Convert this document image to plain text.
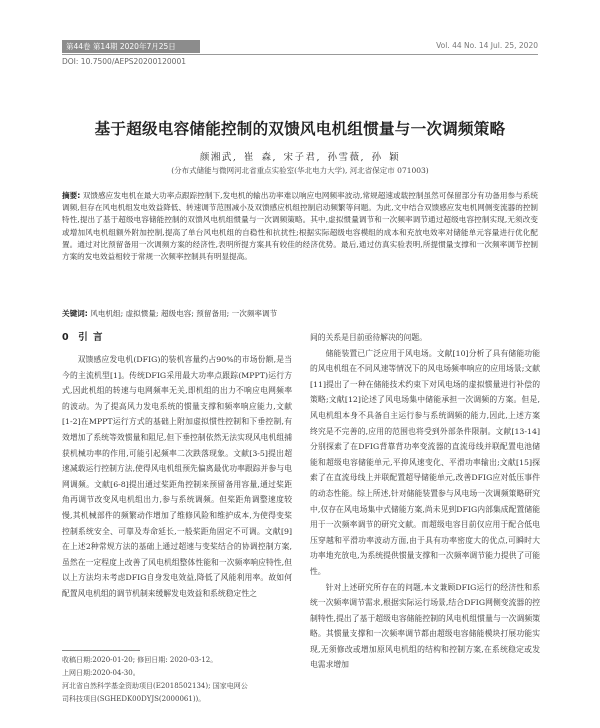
第44卷 第14期 2020年7月25日	Vol. 44 No. 14 Jul. 25, 2020
DOI: 10.7500/AEPS20200120001
基于超级电容储能控制的双馈风电机组惯量与一次调频策略
颜湘武, 崔 森, 宋子君, 孙雪薇, 孙 颖
(分布式储能与微网河北省重点实验室(华北电力大学), 河北省保定市 071003)
摘要: 双馈感应发电机在最大功率点跟踪控制下,发电机的输出功率难以响应电网频率波动,常规超速或载控制虽然可保留部分有功备用参与系统调频,但存在风电机组发电效益降低、转速调节范围减小及双馈感应机组控制启动频繁等问题。为此,文中结合双馈感应发电机网侧变流器的控制特性,提出了基于超级电容储能控制的双馈风电机组惯量与一次调频策略。其中,虚拟惯量调节和一次频率调节通过超级电容控制实现,无须改变或增加风电机组额外附加控制,提高了单台风电机组的自稳性和抗扰性;根据实际超级电容模组的成本和充放电效率对储能单元容量进行优化配置。通过对比预留备用一次调频方案的经济性,表明所提方案具有较佳的经济优势。最后,通过仿真实验表明,所提惯量支撑和一次频率调节控制方案的发电效益相较于常规一次频率控制具有明显提高。
关键词: 风电机组; 虚拟惯量; 超级电容; 预留备用; 一次频率调节
0 引 言

双馈感应发电机(DFIG)的装机容量约占90%的市场份额,是当今的主流机型[1]。传统DFIG采用最大功率点跟踪(MPPT)运行方式,因此机组的转速与电网频率无关,即机组的出力不响应电网频率的波动。为了提高风力发电系统的惯量支撑和频率响应能力,文献[1-2]在MPPT运行方式的基础上附加虚拟惯性控制和下垂控制,有效增加了系统等效惯量和阻尼,但下垂控制依然无法实现风电机组捕获机械功率的作用,可能引起频率二次跌落现象。文献[3-5]提出超速减载运行控制方法,使得风电机组预先偏离最优功率跟踪并参与电网调频。文献[6-8]提出通过桨距角控制来预留备用容量,通过桨距角再调节改变风电机组出力,参与系统调频。但桨距角调整速度较慢,其机械部件的频繁动作增加了维修风险和维护成本,为使得变桨控制系统安全、可靠及寿命延长,一般桨距角固定不可调。文献[9]在上述2种常规方法的基础上通过超速与变桨结合的协调控制方案,虽然在一定程度上改善了风电机组整体性能和一次频率响应特性,但以上方法均未考虑DFIG自身发电效益,降低了风能利用率。故如何配置风电机组的调节机制来缓解发电效益和系统稳定性之

间的关系是目前亟待解决的问题。

储能装置已广泛应用于风电场。文献[10]分析了具有储能功能的风电机组在不同风速等情况下的风电场频率响应的应用场景;文献[11]提出了一种在储能技术约束下对风电场的虚拟惯量进行补偿的策略;文献[12]论述了风电场集中储能承担一次调频的方案。但是,风电机组本身不具备自主运行参与系统调频的能力,因此,上述方案终究是不完善的,应用的范围也将受到外部条件限制。文献[13-14]分别探索了在DFIG背靠背功率变流器的直流母线并联配置电池储能和超级电容储能单元,平抑风速变化、平滑功率输出;文献[15]探索了在直流母线上并联配置超导储能单元,改善DFIG应对低压事件的动态性能。综上所述,针对储能装置参与风电场一次调频策略研究中,仅存在风电场集中式储能方案,尚未见到DFIG内部集成配置储能用于一次频率调节的研究文献。而超级电容目前仅应用于配合低电压穿越和平滑功率波动方面,由于具有功率密度大的优点,可瞬时大功率地充放电,为系统提供惯量支撑和一次频率调节能力提供了可能性。

针对上述研究所存在的问题,本文兼顾DFIG运行的经济性和系统一次频率调节需求,根据实际运行场景,结合DFIG网侧变流器的控制特性,提出了基于超级电容储能控制的风电机组惯量与一次调频策略。其惯量支撑和一次频率调节都由超级电容储能模块打展功能实现,无须修改或增加原风电机组的结构和控制方案,在系统稳定或发电需求增加

收稿日期:2020-01-20; 修回日期: 2020-03-12。
上网日期:2020-04-30。
河北省自然科学基金资助项目(E2018502134); 国家电网公
司科技项目(SGHEDK00DYJS(2000061))。
